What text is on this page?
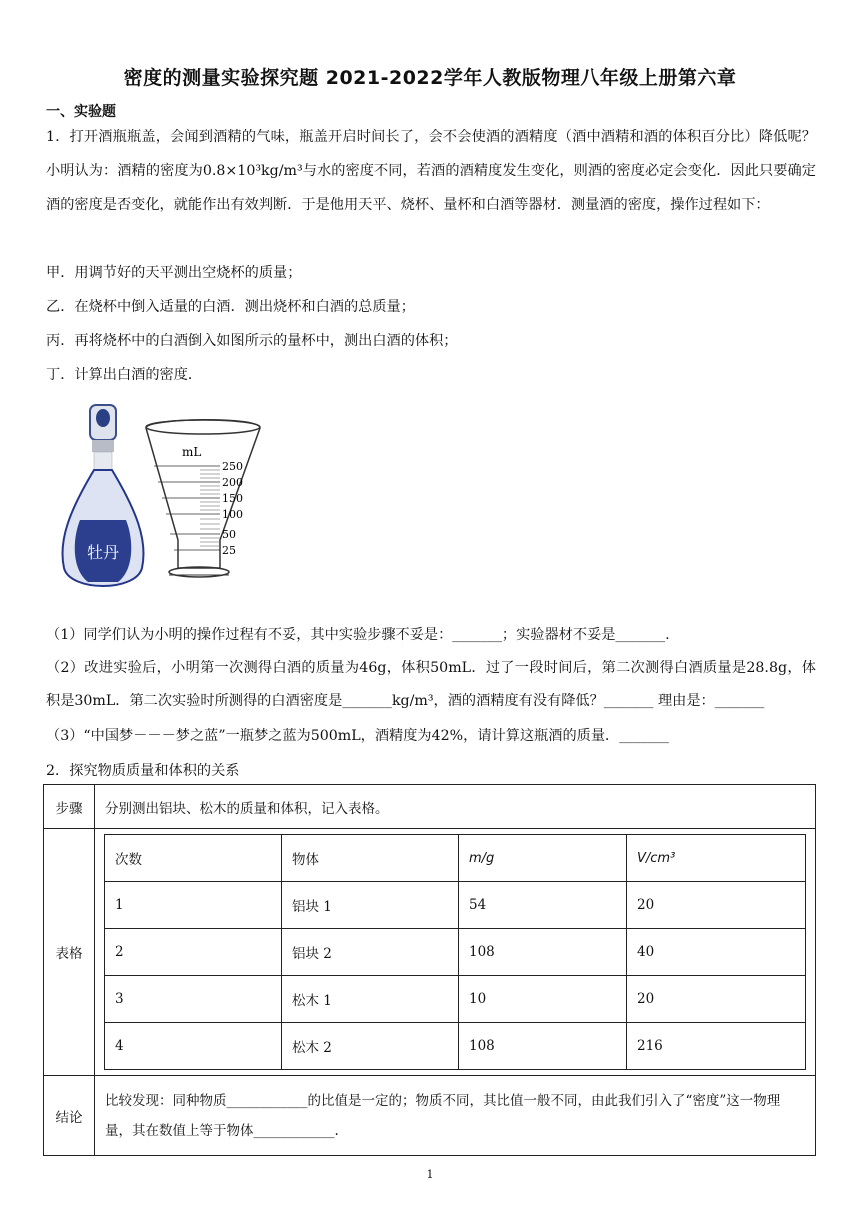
密度的测量实验探究题 2021-2022学年人教版物理八年级上册第六章
一、实验题
1．打开酒瓶瓶盖，会闻到酒精的气味，瓶盖开启时间长了，会不会使酒的酒精度（酒中酒精和酒的体积百分比）降低呢？小明认为：酒精的密度为0.8×10³kg/m³与水的密度不同，若酒的酒精度发生变化，则酒的密度必定会变化．因此只要确定酒的密度是否变化，就能作出有效判断．于是他用天平、烧杯、量杯和白酒等器材．测量酒的密度，操作过程如下：
甲．用调节好的天平测出空烧杯的质量；
乙．在烧杯中倒入适量的白酒．测出烧杯和白酒的总质量；
丙．再将烧杯中的白酒倒入如图所示的量杯中，测出白酒的体积；
丁．计算出白酒的密度．
牡丹
mL
250
200
150
100
50
25
（1）同学们认为小明的操作过程有不妥，其中实验步骤不妥是：_______；实验器材不妥是_______.
（2）改进实验后，小明第一次测得白酒的质量为46g，体积50mL．过了一段时间后，第二次测得白酒质量是28.8g，体积是30mL．第二次实验时所测得的白酒密度是_______kg/m³，酒的酒精度有没有降低？_______ 理由是：_______
（3）“中国梦－－－梦之蓝”一瓶梦之蓝为500mL，酒精度为42%，请计算这瓶酒的质量．_______
2．探究物质质量和体积的关系
步骤	分别测出铝块、松木的质量和体积，记入表格。
表格	
次数	物体	m/g	V/cm³
1	铝块 1	54	20
2	铝块 2	108	40
3	松木 1	10	20
4	松木 2	108	216

结论	比较发现：同种物质____________的比值是一定的；物质不同，其比值一般不同，由此我们引入了“密度”这一物理量，其在数值上等于物体____________.
1
